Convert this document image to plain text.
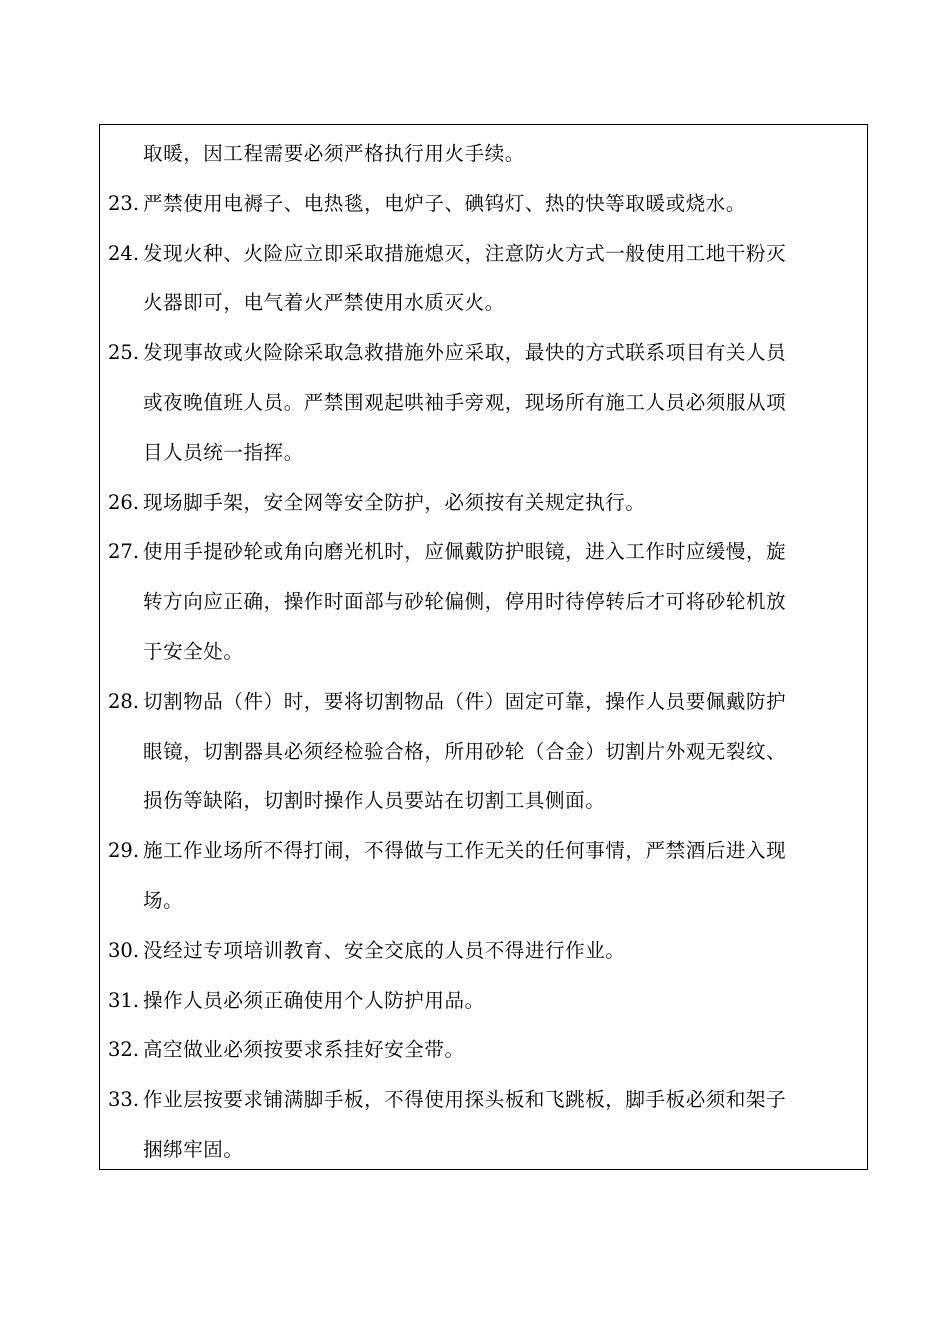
取暖，因工程需要必须严格执行用火手续。
23. 严禁使用电褥子、电热毯，电炉子、碘钨灯、热的快等取暖或烧水。
24. 发现火种、火险应立即采取措施熄灭，注意防火方式一般使用工地干粉灭
火器即可，电气着火严禁使用水质灭火。
25. 发现事故或火险除采取急救措施外应采取，最快的方式联系项目有关人员
或夜晚值班人员。严禁围观起哄袖手旁观，现场所有施工人员必须服从项
目人员统一指挥。
26. 现场脚手架，安全网等安全防护，必须按有关规定执行。
27. 使用手提砂轮或角向磨光机时，应佩戴防护眼镜，进入工作时应缓慢，旋
转方向应正确，操作时面部与砂轮偏侧，停用时待停转后才可将砂轮机放
于安全处。
28. 切割物品（件）时，要将切割物品（件）固定可靠，操作人员要佩戴防护
眼镜，切割器具必须经检验合格，所用砂轮（合金）切割片外观无裂纹、
损伤等缺陷，切割时操作人员要站在切割工具侧面。
29. 施工作业场所不得打闹，不得做与工作无关的任何事情，严禁酒后进入现
场。
30. 没经过专项培训教育、安全交底的人员不得进行作业。
31. 操作人员必须正确使用个人防护用品。
32. 高空做业必须按要求系挂好安全带。
33. 作业层按要求铺满脚手板，不得使用探头板和飞跳板，脚手板必须和架子
捆绑牢固。
